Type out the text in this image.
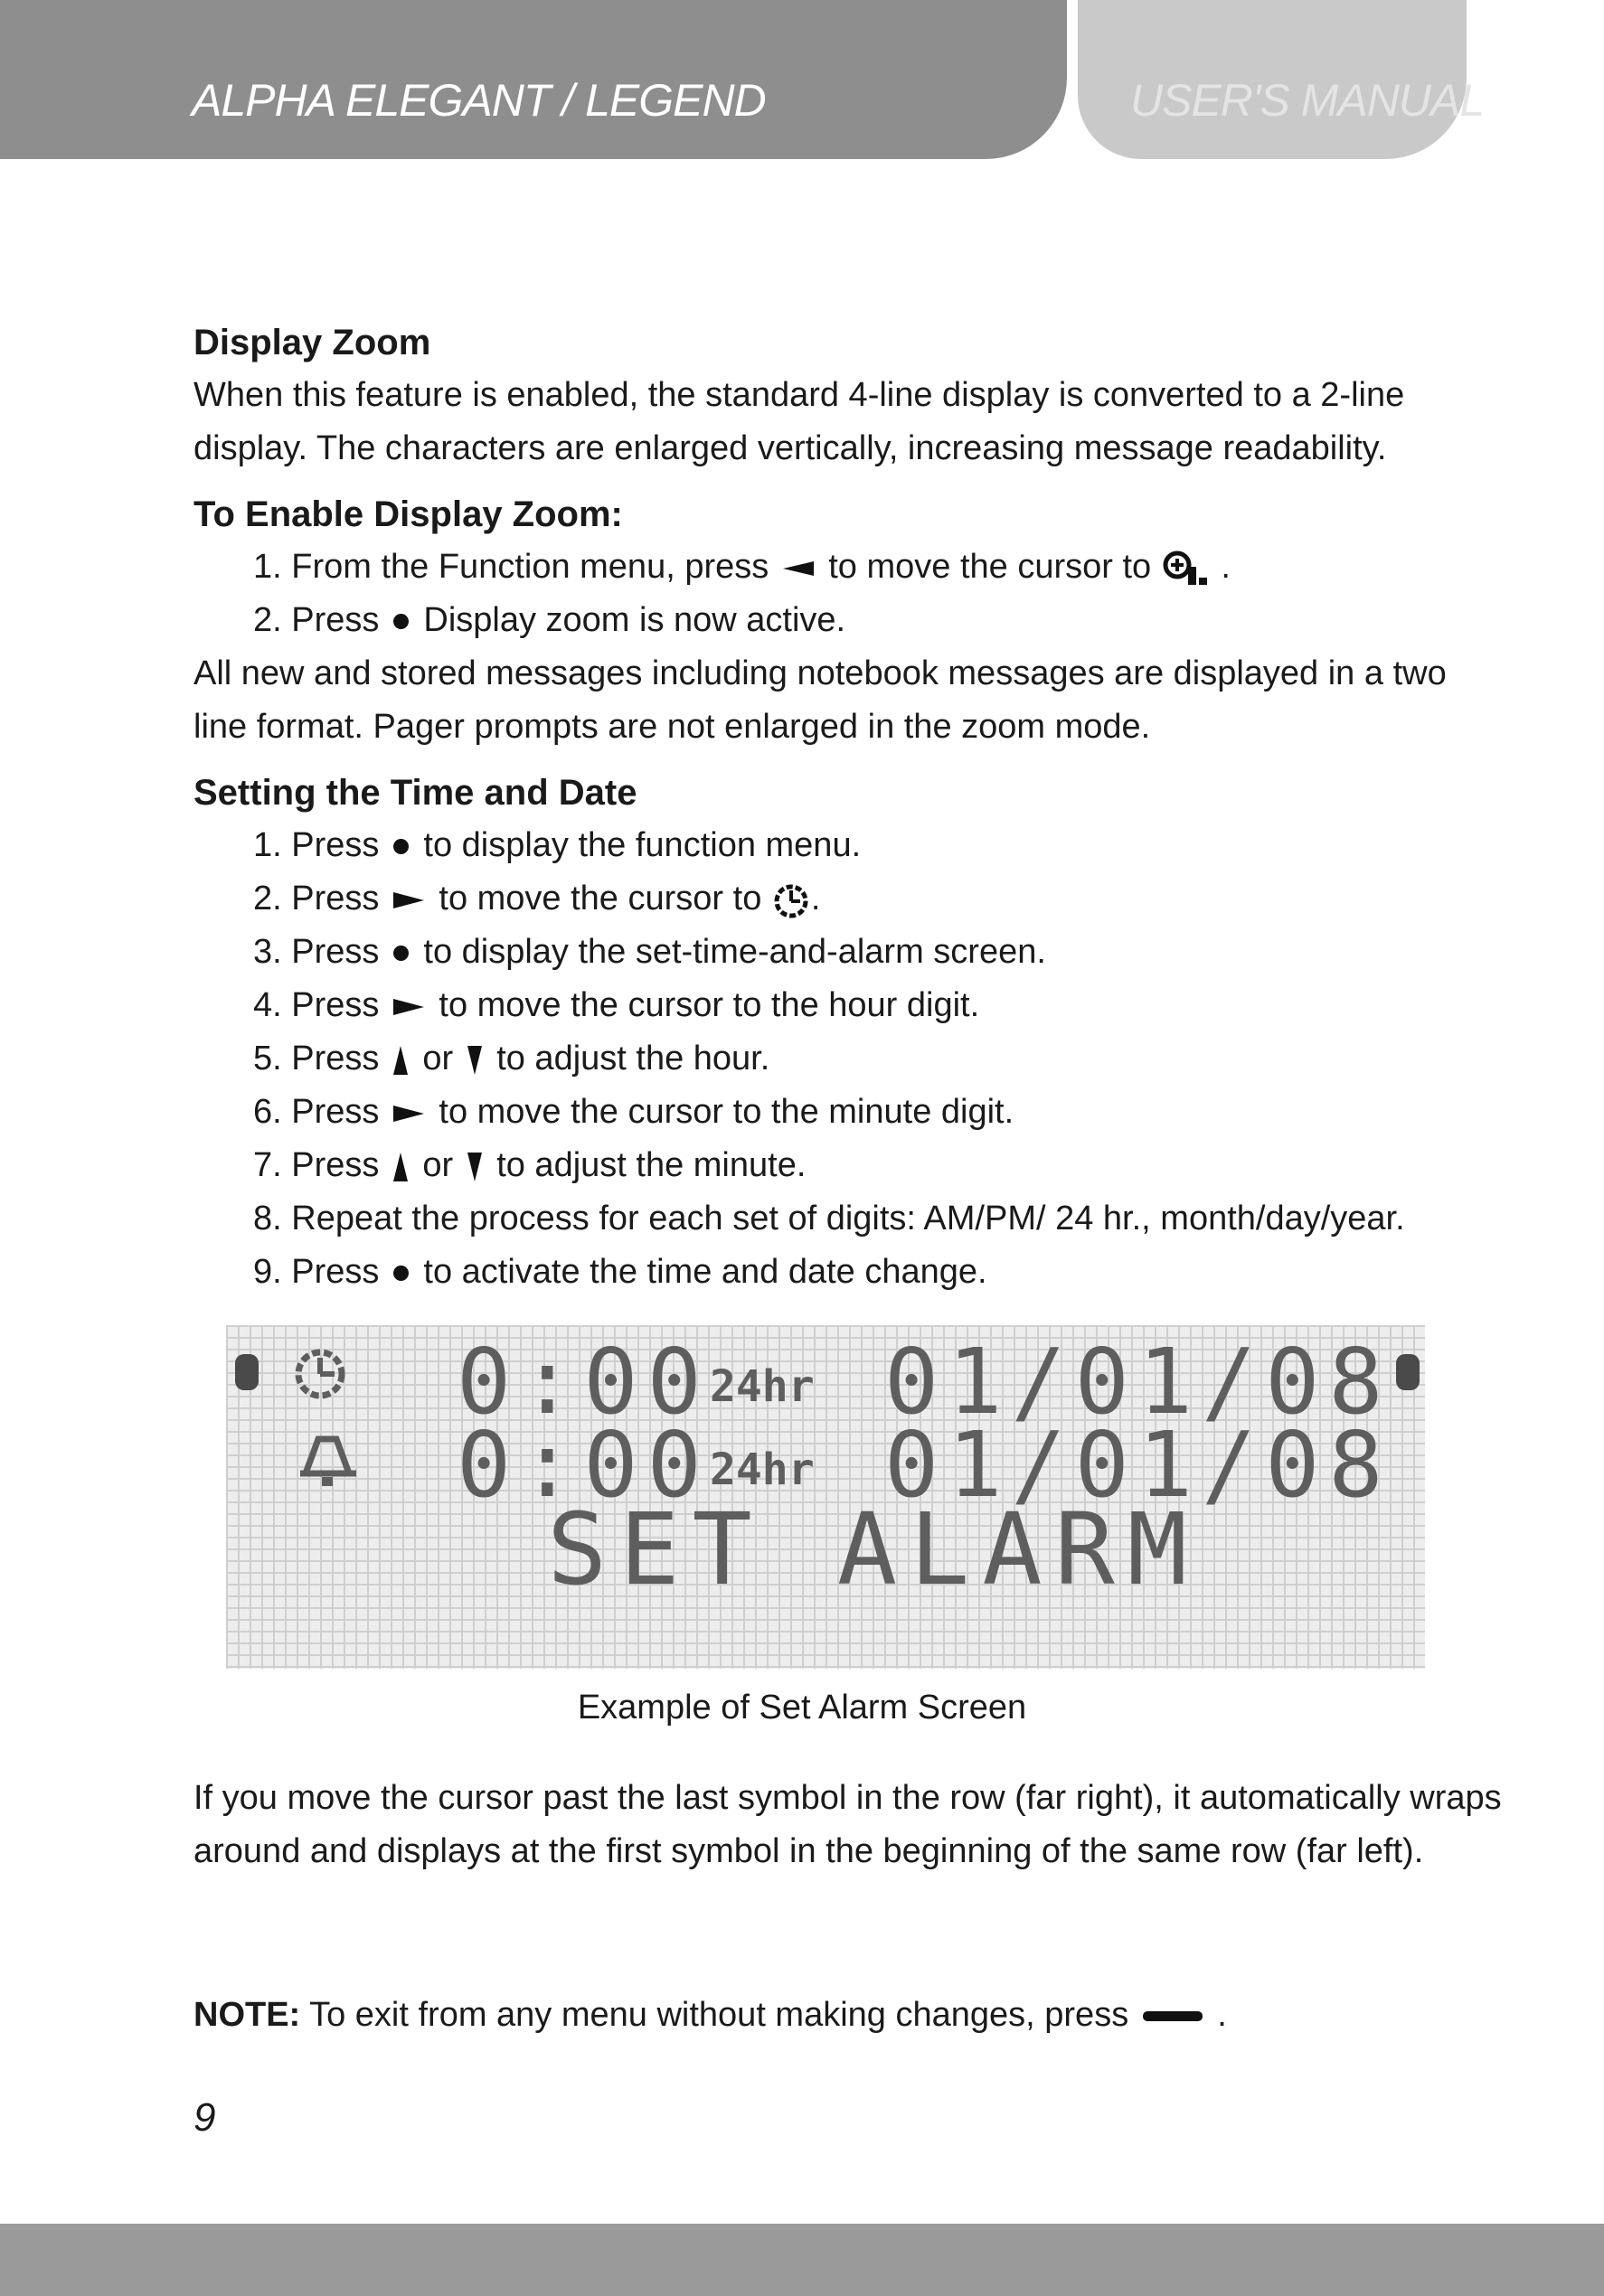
ALPHA ELEGANT / LEGEND	USER'S MANUAL

Display Zoom

When this feature is enabled, the standard 4-line display is converted to a 2-line display. The characters are enlarged vertically, increasing message readability.

To Enable Display Zoom:

1. From the Function menu, press to move the cursor to .

2. Press Display zoom is now active.

All new and stored messages including notebook messages are displayed in a two line format. Pager prompts are not enlarged in the zoom mode.

Setting the Time and Date

1. Press to display the function menu.

2. Press to move the cursor to .

3. Press to display the set-time-and-alarm screen.

4. Press to move the cursor to the hour digit.

5. Press or to adjust the hour.

6. Press to move the cursor to the minute digit.

7. Press or to adjust the minute.

8. Repeat the process for each set of digits: AM/PM/ 24 hr., month/day/year.

9. Press to activate the time and date change.

0:00 24hr 01/01/08
0:00 24hr 01/01/08
SET ALARM
Example of Set Alarm Screen

If you move the cursor past the last symbol in the row (far right), it automatically wraps around and displays at the first symbol in the beginning of the same row (far left).

NOTE: To exit from any menu without making changes, press	.
9
